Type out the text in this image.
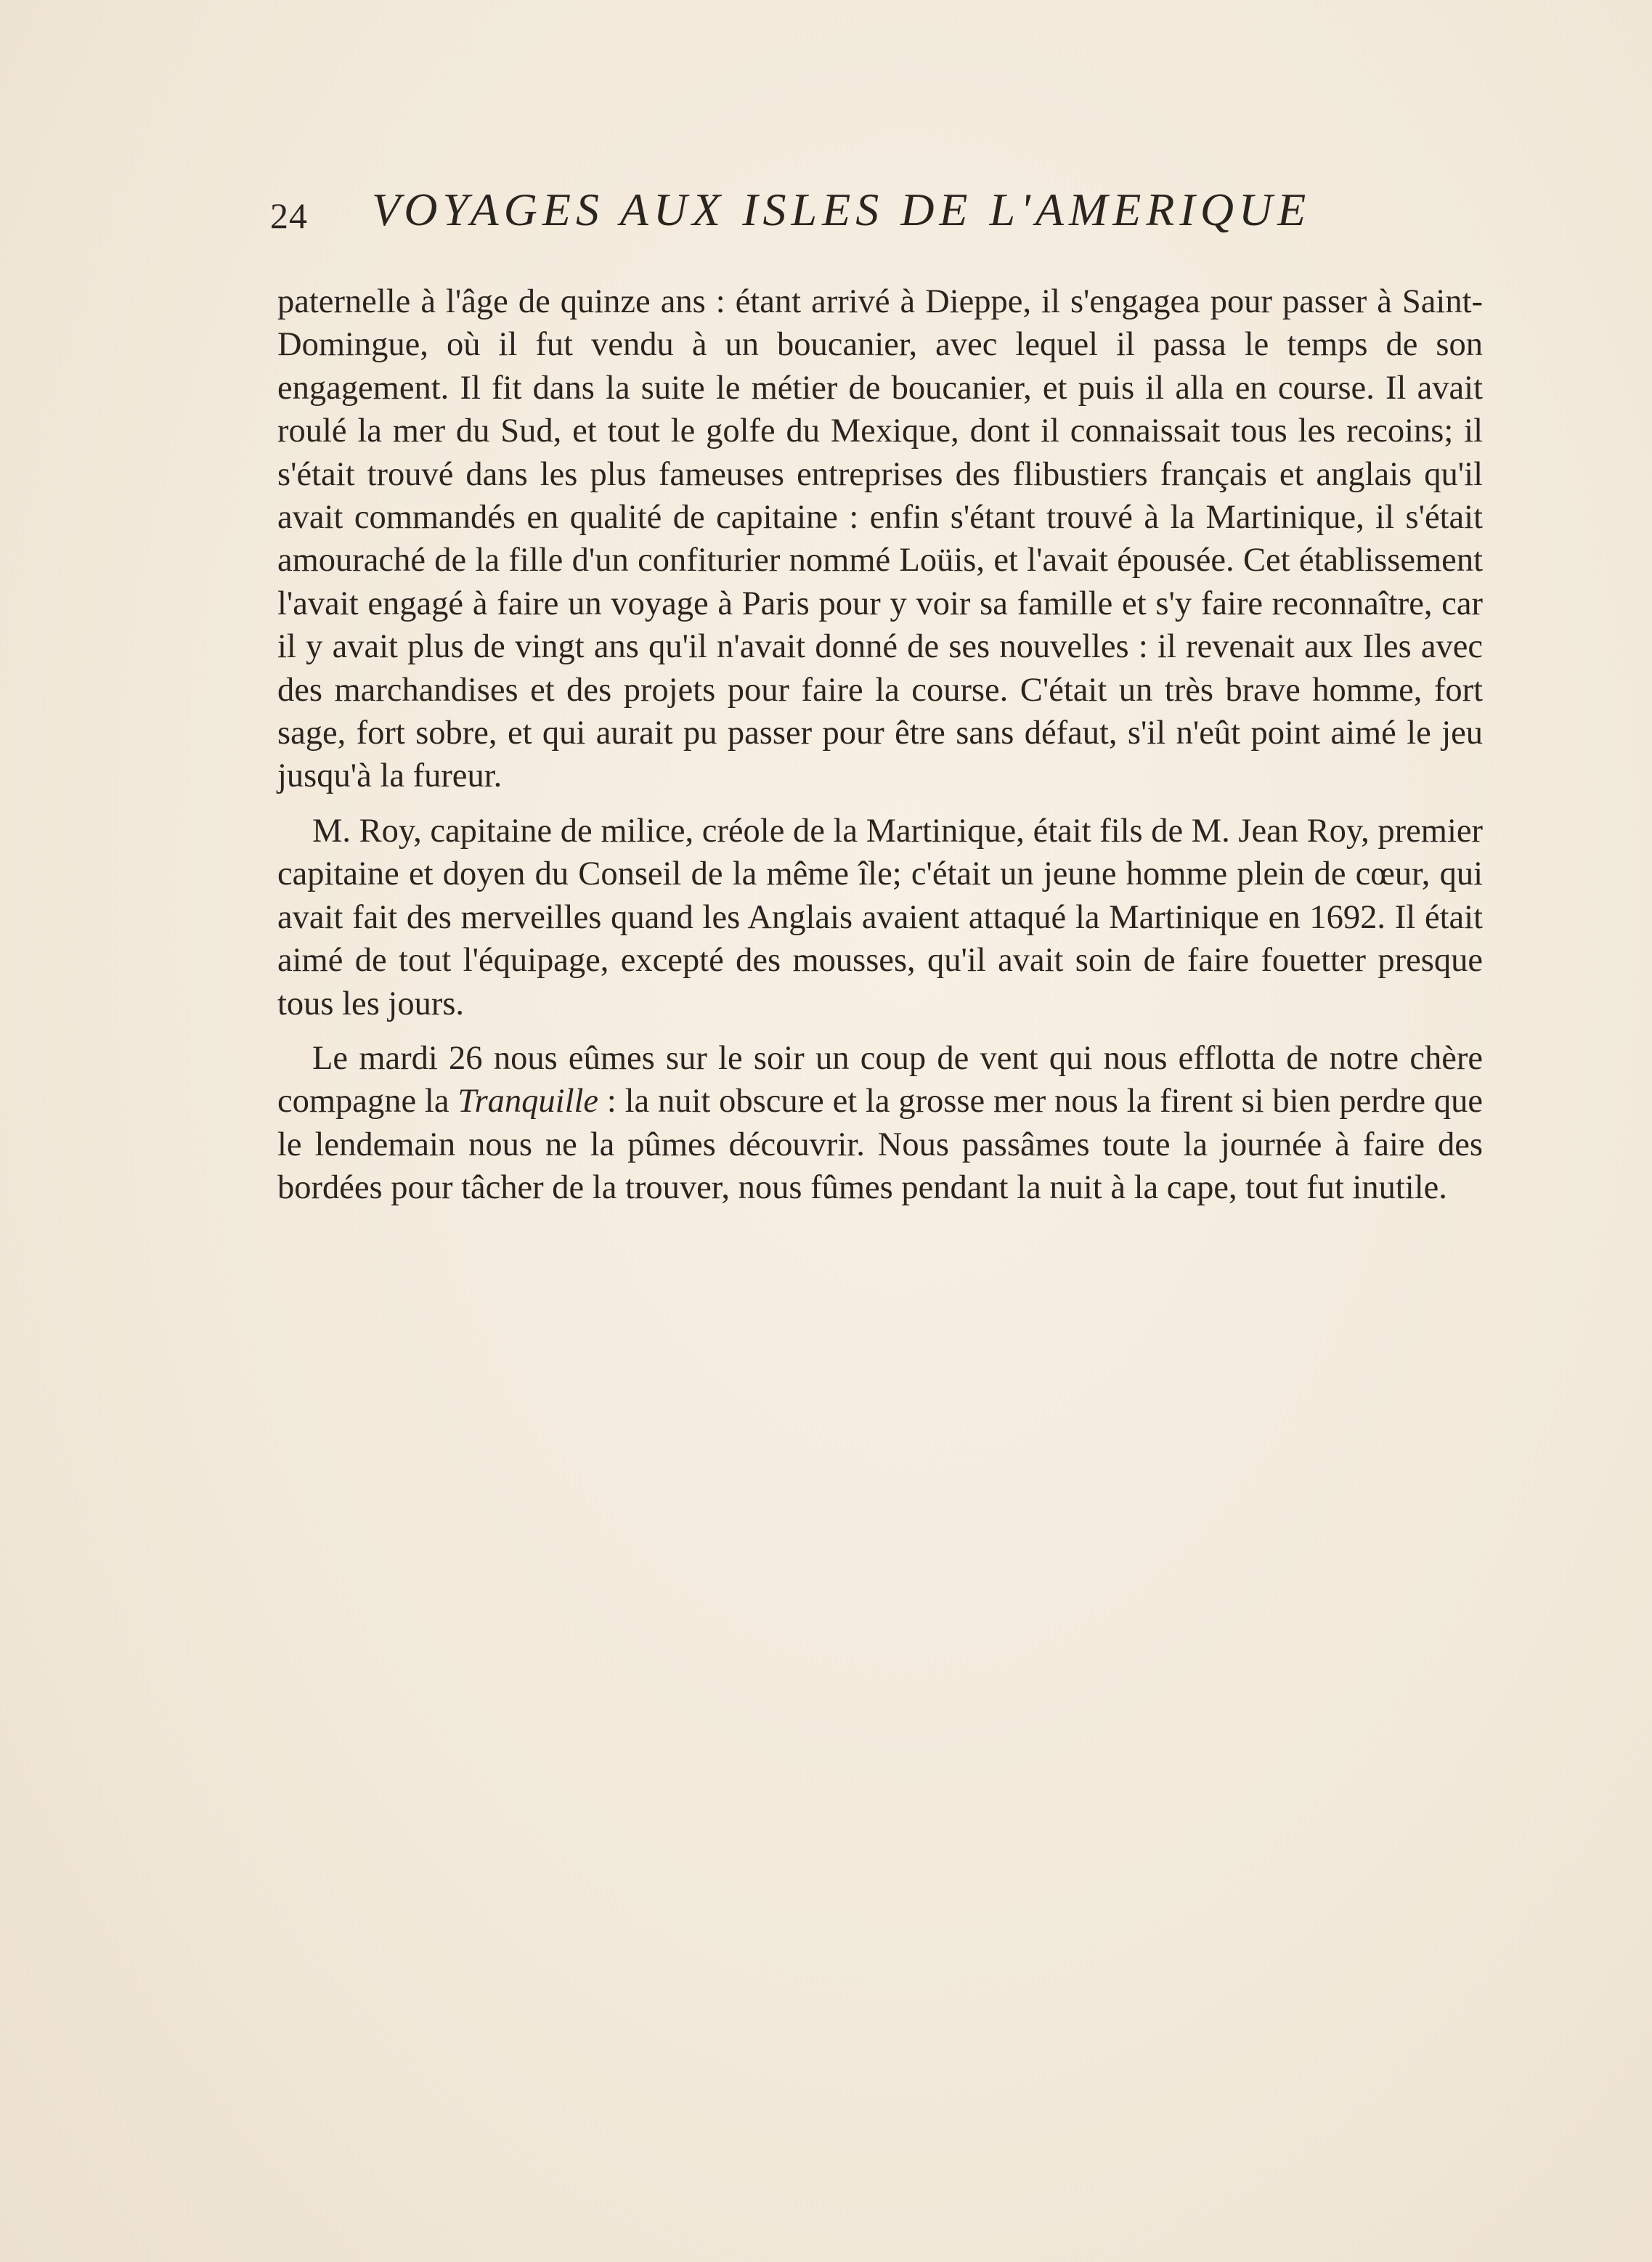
24 VOYAGES AUX ISLES DE L'AMERIQUE

paternelle à l'âge de quinze ans : étant arrivé à Dieppe, il s'engagea pour passer à Saint-Domingue, où il fut vendu à un boucanier, avec lequel il passa le temps de son engagement. Il fit dans la suite le métier de boucanier, et puis il alla en course. Il avait roulé la mer du Sud, et tout le golfe du Mexique, dont il connaissait tous les recoins; il s'était trouvé dans les plus fameuses entreprises des flibustiers français et anglais qu'il avait commandés en qualité de capitaine : enfin s'étant trouvé à la Martinique, il s'était amouraché de la fille d'un confiturier nommé Loüis, et l'avait épousée. Cet établissement l'avait engagé à faire un voyage à Paris pour y voir sa famille et s'y faire reconnaître, car il y avait plus de vingt ans qu'il n'avait donné de ses nouvelles : il revenait aux Iles avec des marchandises et des projets pour faire la course. C'était un très brave homme, fort sage, fort sobre, et qui aurait pu passer pour être sans défaut, s'il n'eût point aimé le jeu jusqu'à la fureur.

M. Roy, capitaine de milice, créole de la Martinique, était fils de M. Jean Roy, premier capitaine et doyen du Conseil de la même île; c'était un jeune homme plein de cœur, qui avait fait des merveilles quand les Anglais avaient attaqué la Martinique en 1692. Il était aimé de tout l'équipage, excepté des mousses, qu'il avait soin de faire fouetter presque tous les jours.

Le mardi 26 nous eûmes sur le soir un coup de vent qui nous efflotta de notre chère compagne la Tranquille : la nuit obscure et la grosse mer nous la firent si bien perdre que le lendemain nous ne la pûmes découvrir. Nous passâmes toute la journée à faire des bordées pour tâcher de la trouver, nous fûmes pendant la nuit à la cape, tout fut inutile.
